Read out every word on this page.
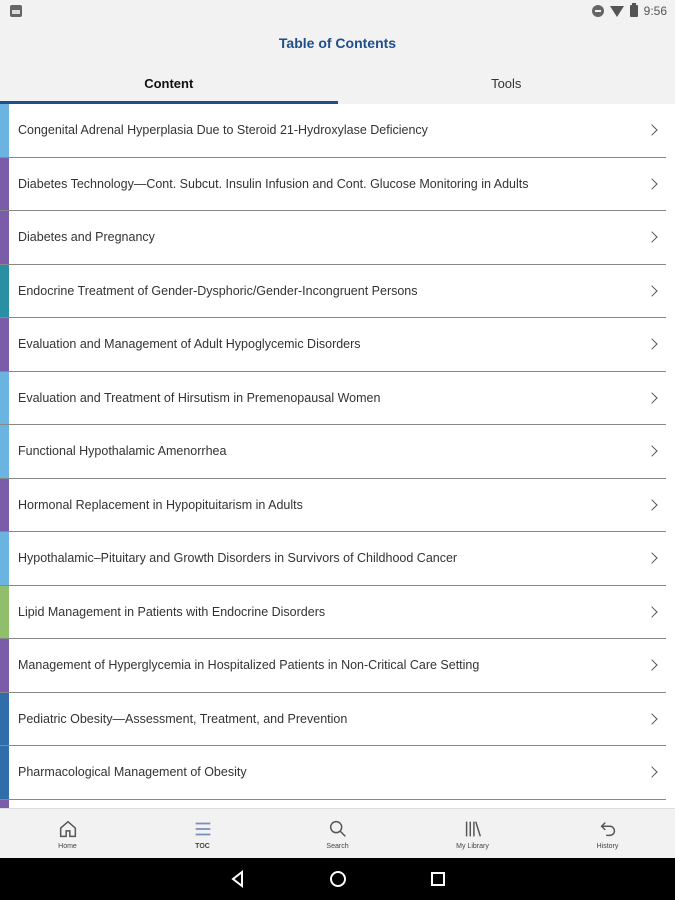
9:56
Table of Contents
Content	Tools
Congenital Adrenal Hyperplasia Due to Steroid 21-Hydroxylase Deficiency
Diabetes Technology—Cont. Subcut. Insulin Infusion and Cont. Glucose Monitoring in Adults
Diabetes and Pregnancy
Endocrine Treatment of Gender-Dysphoric/Gender-Incongruent Persons
Evaluation and Management of Adult Hypoglycemic Disorders
Evaluation and Treatment of Hirsutism in Premenopausal Women
Functional Hypothalamic Amenorrhea
Hormonal Replacement in Hypopituitarism in Adults
Hypothalamic–Pituitary and Growth Disorders in Survivors of Childhood Cancer
Lipid Management in Patients with Endocrine Disorders
Management of Hyperglycemia in Hospitalized Patients in Non-Critical Care Setting
Pediatric Obesity—Assessment, Treatment, and Prevention
Pharmacological Management of Obesity
Home	TOC	Search	My Library	History
